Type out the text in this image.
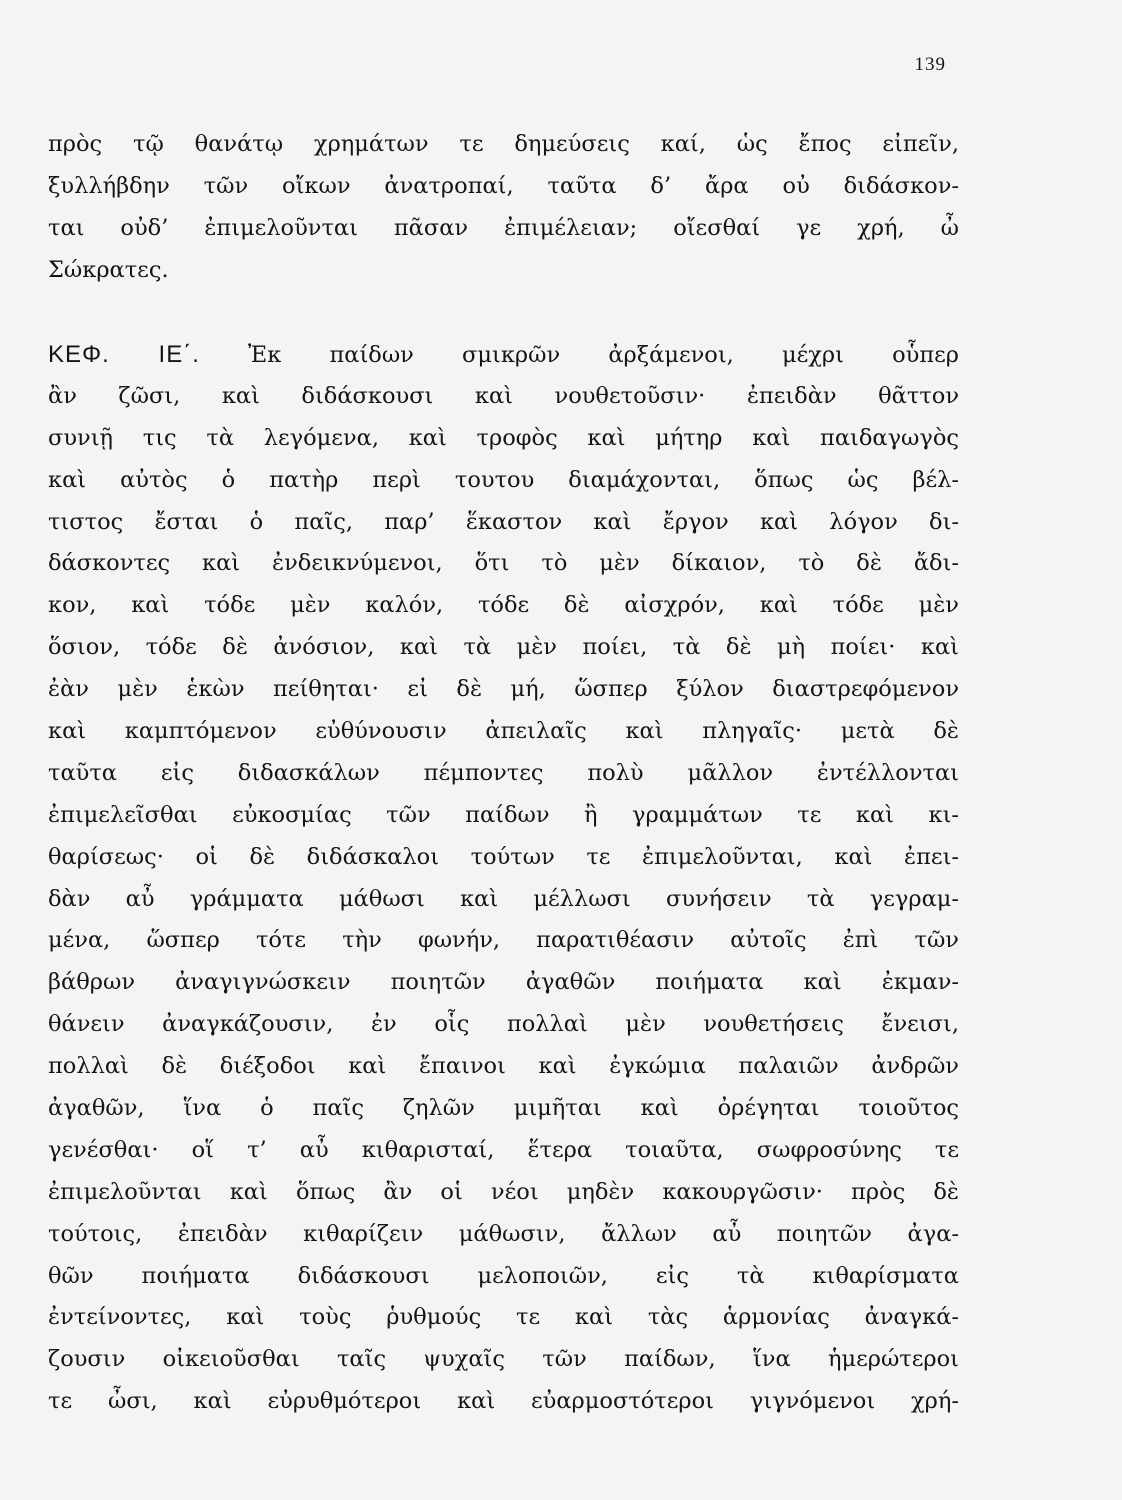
139
πρὸς τῷ θανάτῳ χρημάτων τε δημεύσεις καί, ὡς ἔπος εἰπεῖν,
ξυλλήβδην τῶν οἴκων ἀνατροπαί, ταῦτα δ’ ἄρα οὐ διδάσκον-
ται οὐδ’ ἐπιμελοῦνται πᾶσαν ἐπιμέλειαν; οἴεσθαί γε χρή, ὦ
Σώκρατες.
ΚΕΦ. ΙΕ΄. Ἐκ παίδων σμικρῶν ἀρξάμενοι, μέχρι οὗπερ
ἂν ζῶσι, καὶ διδάσκουσι καὶ νουθετοῦσιν· ἐπειδὰν θᾶττον
συνιῇ τις τὰ λεγόμενα, καὶ τροφὸς καὶ μήτηρ καὶ παιδαγωγὸς
καὶ αὐτὸς ὁ πατὴρ περὶ τουτου διαμάχονται, ὅπως ὡς βέλ-
τιστος ἔσται ὁ παῖς, παρ’ ἕκαστον καὶ ἔργον καὶ λόγον δι-
δάσκοντες καὶ ἐνδεικνύμενοι, ὅτι τὸ μὲν δίκαιον, τὸ δὲ ἄδι-
κον, καὶ τόδε μὲν καλόν, τόδε δὲ αἰσχρόν, καὶ τόδε μὲν
ὅσιον, τόδε δὲ ἀνόσιον, καὶ τὰ μὲν ποίει, τὰ δὲ μὴ ποίει· καὶ
ἐὰν μὲν ἑκὼν πείθηται· εἰ δὲ μή, ὥσπερ ξύλον διαστρεφόμενον
καὶ καμπτόμενον εὐθύνουσιν ἀπειλαῖς καὶ πληγαῖς· μετὰ δὲ
ταῦτα εἰς διδασκάλων πέμποντες πολὺ μᾶλλον ἐντέλλονται
ἐπιμελεῖσθαι εὐκοσμίας τῶν παίδων ἢ γραμμάτων τε καὶ κι-
θαρίσεως· οἱ δὲ διδάσκαλοι τούτων τε ἐπιμελοῦνται, καὶ ἐπει-
δὰν αὖ γράμματα μάθωσι καὶ μέλλωσι συνήσειν τὰ γεγραμ-
μένα, ὥσπερ τότε τὴν φωνήν, παρατιθέασιν αὐτοῖς ἐπὶ τῶν
βάθρων ἀναγιγνώσκειν ποιητῶν ἀγαθῶν ποιήματα καὶ ἐκμαν-
θάνειν ἀναγκάζουσιν, ἐν οἷς πολλαὶ μὲν νουθετήσεις ἔνεισι,
πολλαὶ δὲ διέξοδοι καὶ ἔπαινοι καὶ ἐγκώμια παλαιῶν ἀνδρῶν
ἀγαθῶν, ἵνα ὁ παῖς ζηλῶν μιμῆται καὶ ὀρέγηται τοιοῦτος
γενέσθαι· οἵ τ’ αὖ κιθαρισταί, ἕτερα τοιαῦτα, σωφροσύνης τε
ἐπιμελοῦνται καὶ ὅπως ἂν οἱ νέοι μηδὲν κακουργῶσιν· πρὸς δὲ
τούτοις, ἐπειδὰν κιθαρίζειν μάθωσιν, ἄλλων αὖ ποιητῶν ἀγα-
θῶν ποιήματα διδάσκουσι μελοποιῶν, εἰς τὰ κιθαρίσματα
ἐντείνοντες, καὶ τοὺς ῥυθμούς τε καὶ τὰς ἁρμονίας ἀναγκά-
ζουσιν οἰκειοῦσθαι ταῖς ψυχαῖς τῶν παίδων, ἵνα ἡμερώτεροι
τε ὦσι, καὶ εὐρυθμότεροι καὶ εὐαρμοστότεροι γιγνόμενοι χρή-
